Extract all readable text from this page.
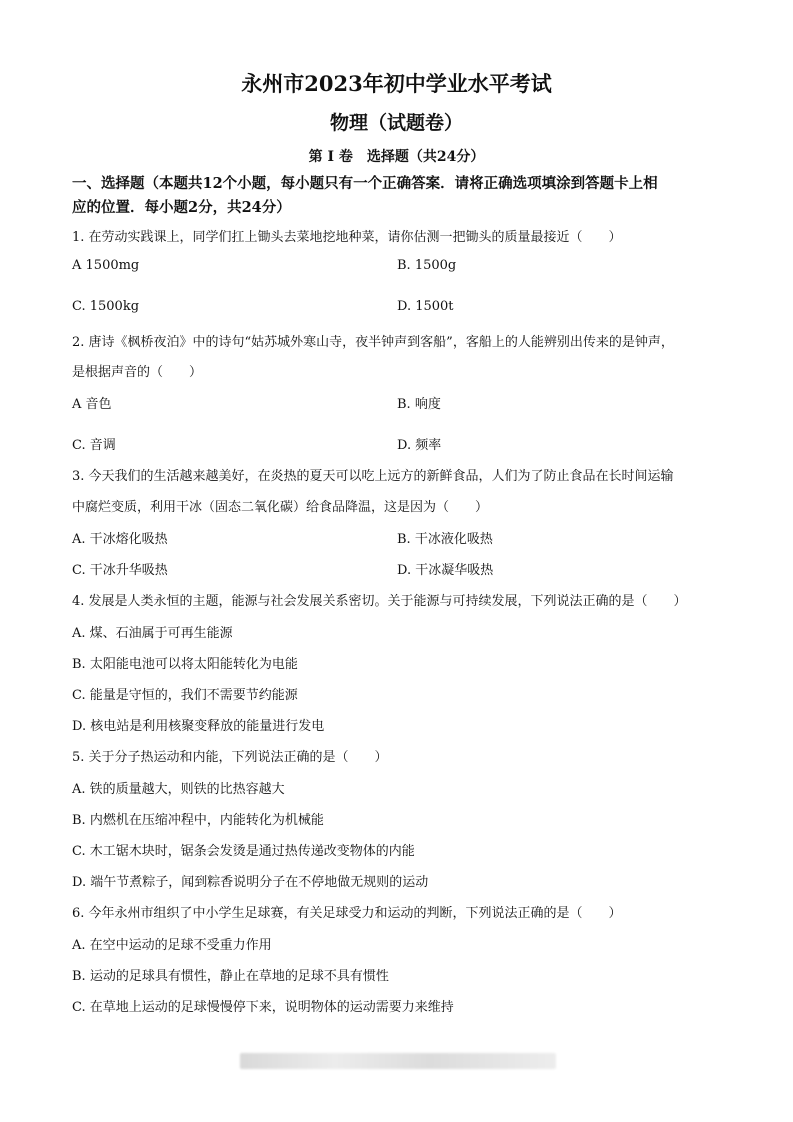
永州市2023年初中学业水平考试
物理（试题卷）
第 I 卷　选择题（共24分）
一、选择题（本题共12个小题，每小题只有一个正确答案．请将正确选项填涂到答题卡上相
应的位置．每小题2分，共24分）
1. 在劳动实践课上，同学们扛上锄头去菜地挖地种菜，请你估测一把锄头的质量最接近（　　）
A 1500mg	B. 1500g
C. 1500kg	D. 1500t
2. 唐诗《枫桥夜泊》中的诗句“姑苏城外寒山寺，夜半钟声到客船”，客船上的人能辨别出传来的是钟声，
是根据声音的（　　）
A 音色	B. 响度
C. 音调	D. 频率
3. 今天我们的生活越来越美好，在炎热的夏天可以吃上远方的新鲜食品，人们为了防止食品在长时间运输
中腐烂变质，利用干冰（固态二氧化碳）给食品降温，这是因为（　　）
A. 干冰熔化吸热	B. 干冰液化吸热
C. 干冰升华吸热	D. 干冰凝华吸热
4. 发展是人类永恒的主题，能源与社会发展关系密切。关于能源与可持续发展，下列说法正确的是（　　）
A. 煤、石油属于可再生能源
B. 太阳能电池可以将太阳能转化为电能
C. 能量是守恒的，我们不需要节约能源
D. 核电站是利用核聚变释放的能量进行发电
5. 关于分子热运动和内能，下列说法正确的是（　　）
A. 铁的质量越大，则铁的比热容越大
B. 内燃机在压缩冲程中，内能转化为机械能
C. 木工锯木块时，锯条会发烫是通过热传递改变物体的内能
D. 端午节煮粽子，闻到粽香说明分子在不停地做无规则的运动
6. 今年永州市组织了中小学生足球赛，有关足球受力和运动的判断，下列说法正确的是（　　）
A. 在空中运动的足球不受重力作用
B. 运动的足球具有惯性，静止在草地的足球不具有惯性
C. 在草地上运动的足球慢慢停下来，说明物体的运动需要力来维持
